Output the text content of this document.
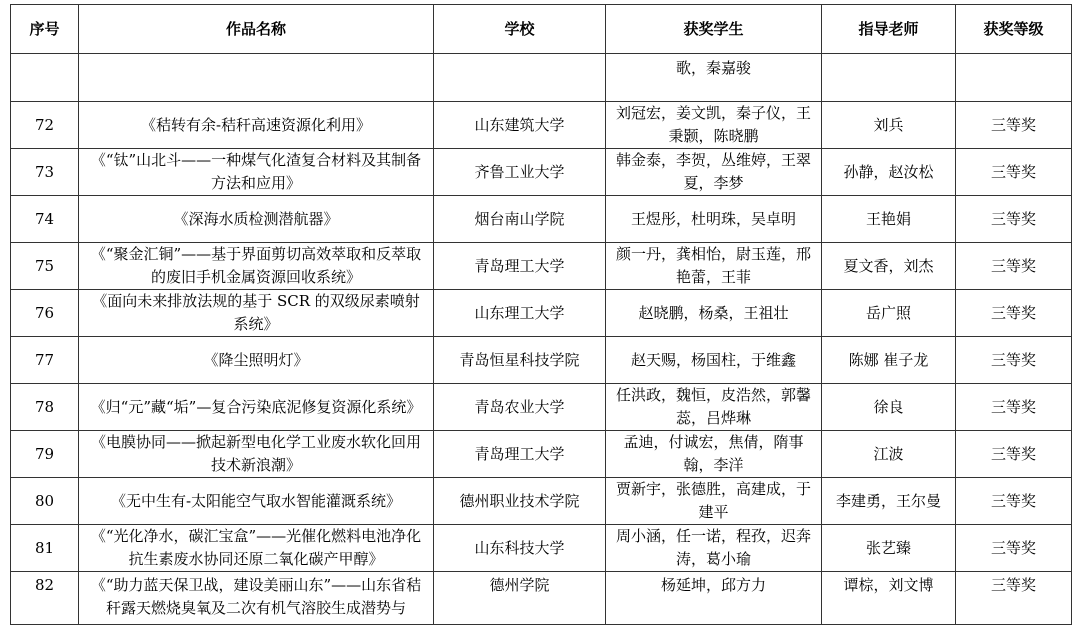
序号	作品名称	学校	获奖学生	指导老师	获奖等级
			歌，秦嘉骏		
72	《秸转有余-秸秆高速资源化利用》	山东建筑大学	刘冠宏，姜文凯，秦子仪，王秉颢，陈晓鹏	刘兵	三等奖
73	《“钛”山北斗——一种煤气化渣复合材料及其制备方法和应用》	齐鲁工业大学	韩金泰，李贺，丛维婷，王翠夏，李梦	孙静，赵汝松	三等奖
74	《深海水质检测潜航器》	烟台南山学院	王煜彤，杜明珠，吴卓明	王艳娟	三等奖
75	《“聚金汇铜”——基于界面剪切高效萃取和反萃取的废旧手机金属资源回收系统》	青岛理工大学	颜一丹，龚相怡，尉玉莲，邢艳蕾，王菲	夏文香，刘杰	三等奖
76	《面向未来排放法规的基于 SCR 的双级尿素喷射系统》	山东理工大学	赵晓鹏，杨桑，王祖壮	岳广照	三等奖
77	《降尘照明灯》	青岛恒星科技学院	赵天赐，杨国柱，于维鑫	陈娜 崔子龙	三等奖
78	《归“元”藏“垢”—复合污染底泥修复资源化系统》	青岛农业大学	任洪政，魏恒，皮浩然，郭馨蕊，吕烨琳	徐良	三等奖
79	《电膜协同——掀起新型电化学工业废水软化回用技术新浪潮》	青岛理工大学	孟迪，付诚宏，焦倩，隋事翰，李洋	江波	三等奖
80	《无中生有-太阳能空气取水智能灌溉系统》	德州职业技术学院	贾新宇，张德胜，高建成，于建平	李建勇，王尔曼	三等奖
81	《“光化净水，碳汇宝盒”——光催化燃料电池净化抗生素废水协同还原二氧化碳产甲醇》	山东科技大学	周小涵，任一诺，程孜，迟奔涛，葛小瑜	张艺臻	三等奖
82	《“助力蓝天保卫战，建设美丽山东”——山东省秸秆露天燃烧臭氧及二次有机气溶胶生成潜势与	德州学院	杨延坤，邱方力	谭棕，刘文博	三等奖
